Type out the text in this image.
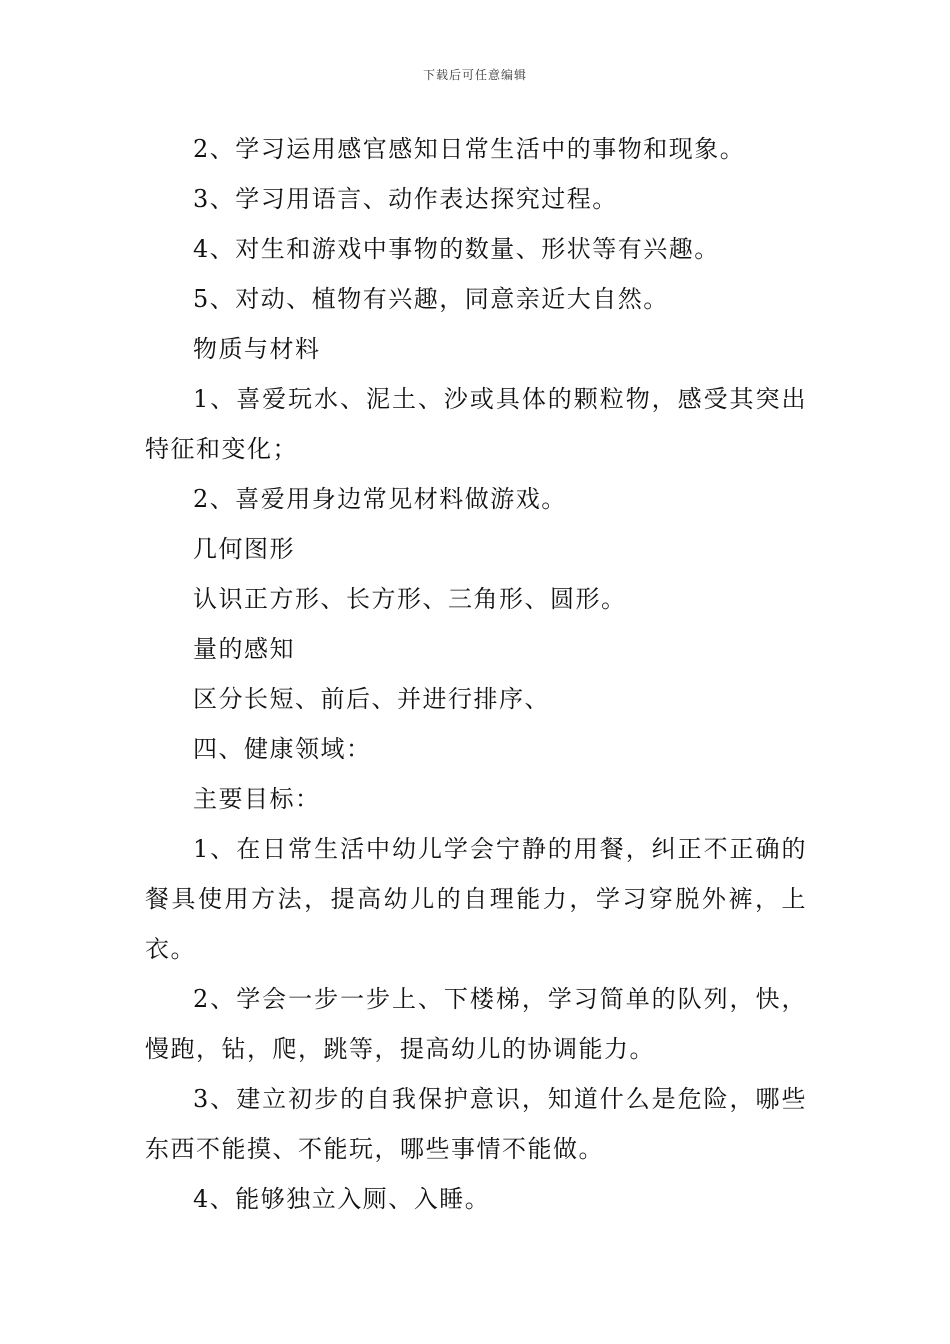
下载后可任意编辑

2、学习运用感官感知日常生活中的事物和现象。

3、学习用语言、动作表达探究过程。

4、对生和游戏中事物的数量、形状等有兴趣。

5、对动、植物有兴趣，同意亲近大自然。

物质与材料

1、喜爱玩水、泥土、沙或具体的颗粒物，感受其突出特征和变化；

2、喜爱用身边常见材料做游戏。

几何图形

认识正方形、长方形、三角形、圆形。

量的感知

区分长短、前后、并进行排序、

四、健康领域：

主要目标：

1、在日常生活中幼儿学会宁静的用餐，纠正不正确的餐具使用方法，提高幼儿的自理能力，学习穿脱外裤，上衣。

2、学会一步一步上、下楼梯，学习简单的队列，快，慢跑，钻，爬，跳等，提高幼儿的协调能力。

3、建立初步的自我保护意识，知道什么是危险，哪些东西不能摸、不能玩，哪些事情不能做。

4、能够独立入厕、入睡。
